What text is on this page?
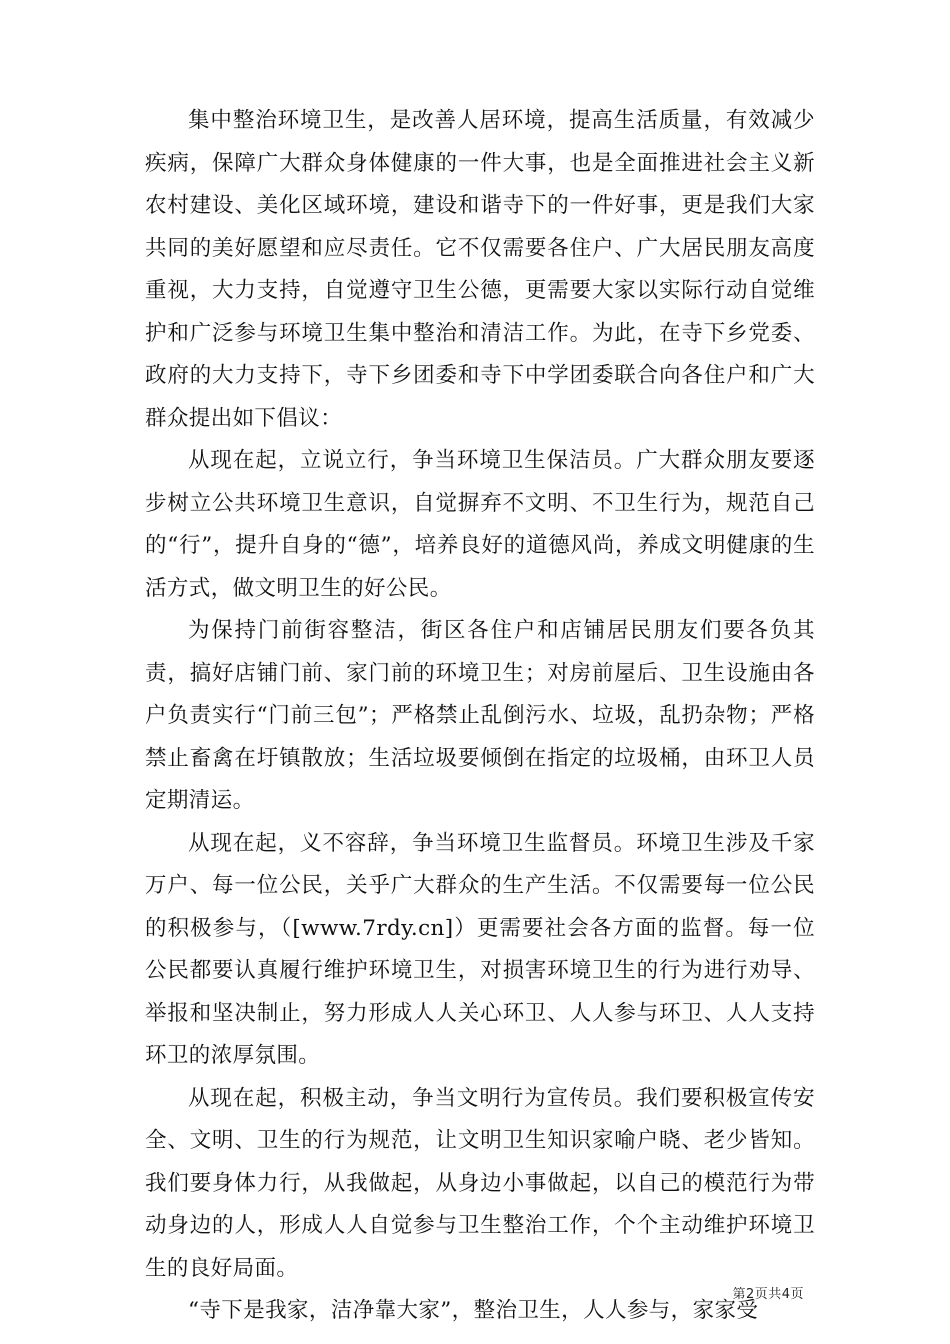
集中整治环境卫生，是改善人居环境，提高生活质量，有效减少疾病，保障广大群众身体健康的一件大事，也是全面推进社会主义新农村建设、美化区域环境，建设和谐寺下的一件好事，更是我们大家共同的美好愿望和应尽责任。它不仅需要各住户、广大居民朋友高度重视，大力支持，自觉遵守卫生公德，更需要大家以实际行动自觉维护和广泛参与环境卫生集中整治和清洁工作。为此，在寺下乡党委、政府的大力支持下，寺下乡团委和寺下中学团委联合向各住户和广大群众提出如下倡议：

从现在起，立说立行，争当环境卫生保洁员。广大群众朋友要逐步树立公共环境卫生意识，自觉摒弃不文明、不卫生行为，规范自己的“行”，提升自身的“德”，培养良好的道德风尚，养成文明健康的生活方式，做文明卫生的好公民。

为保持门前街容整洁，街区各住户和店铺居民朋友们要各负其责，搞好店铺门前、家门前的环境卫生；对房前屋后、卫生设施由各户负责实行“门前三包”；严格禁止乱倒污水、垃圾，乱扔杂物；严格禁止畜禽在圩镇散放；生活垃圾要倾倒在指定的垃圾桶，由环卫人员定期清运。

从现在起，义不容辞，争当环境卫生监督员。环境卫生涉及千家万户、每一位公民，关乎广大群众的生产生活。不仅需要每一位公民的积极参与，（[www.7rdy.cn]）更需要社会各方面的监督。每一位公民都要认真履行维护环境卫生，对损害环境卫生的行为进行劝导、举报和坚决制止，努力形成人人关心环卫、人人参与环卫、人人支持环卫的浓厚氛围。

从现在起，积极主动，争当文明行为宣传员。我们要积极宣传安全、文明、卫生的行为规范，让文明卫生知识家喻户晓、老少皆知。我们要身体力行，从我做起，从身边小事做起，以自己的模范行为带动身边的人，形成人人自觉参与卫生整治工作，个个主动维护环境卫生的良好局面。

“寺下是我家，洁净靠大家”，整治卫生，人人参与，家家受

第2页共4页
